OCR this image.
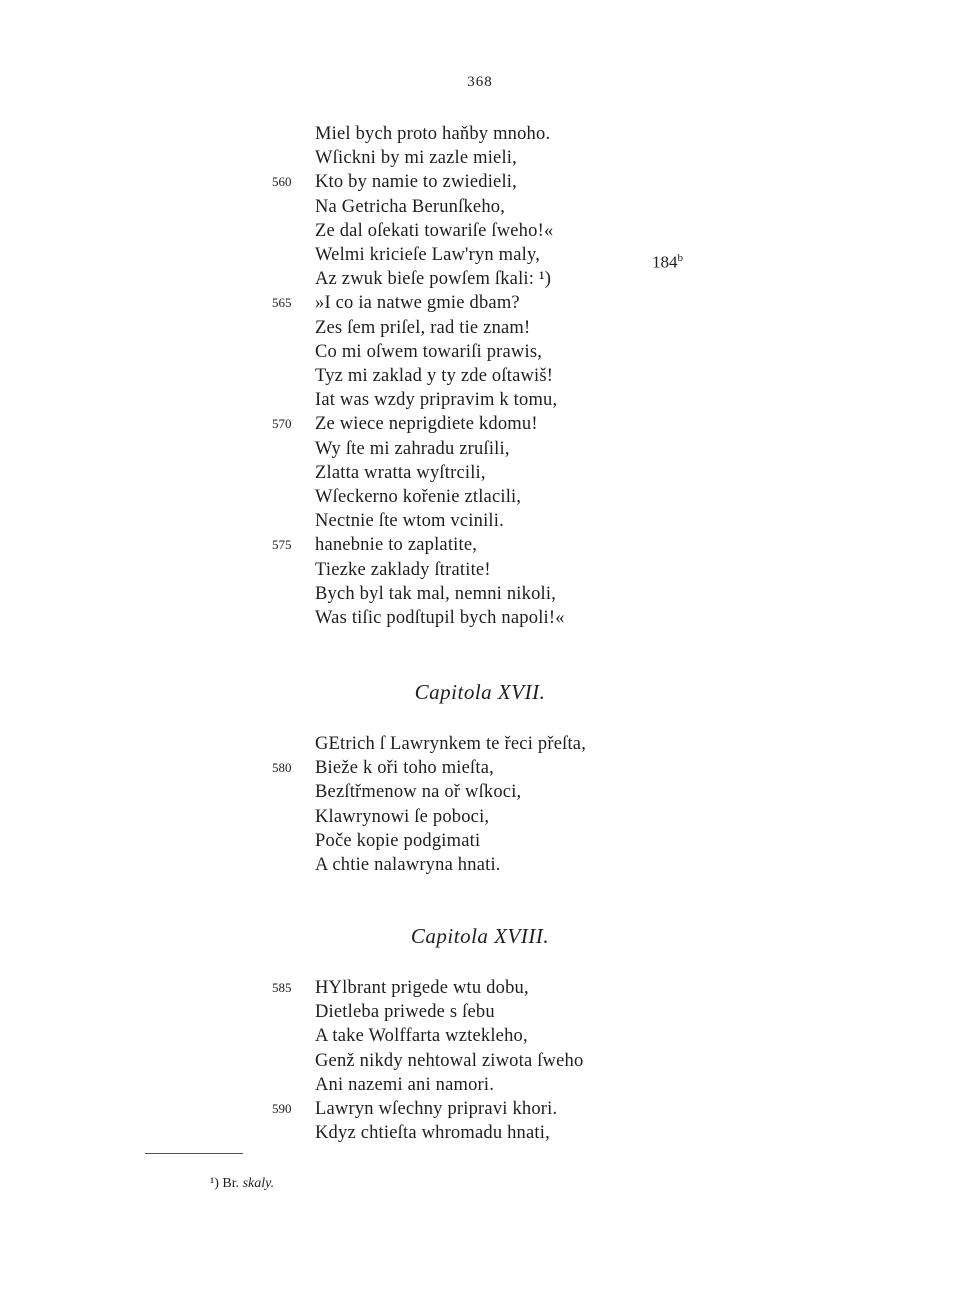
368
184$^b$
Miel bych proto haňby mnoho.
Wſickni by mi zazle mieli,
560	Kto by namie to zwiedieli,
Na Getricha Berunſkeho,
Ze dal oſekati towariſe ſweho!«
Welmi kricieſe Law'ryn maly,
Az zwuk bieſe powſem ſkali: ¹)
565	»I co ia natwe gmie dbam?
Zes ſem priſel, rad tie znam!
Co mi oſwem towariſi prawis,
Tyz mi zaklad y ty zde oſtawiš!
Iat was wzdy pripravim k tomu,
570	Ze wiece neprigdiete kdomu!
Wy ſte mi zahradu zruſili,
Zlatta wratta wyſtrcili,
Wſeckerno kořenie ztlacili,
Nectnie ſte wtom vcinili.
575	hanebnie to zaplatite,
Tiezke zaklady ſtratite!
Bych byl tak mal, nemni nikoli,
Was tiſic podſtupil bych napoli!«
Capitola XVII.
GEtrich ſ Lawrynkem te řeci přeſta,
580	Bieže k oři toho mieſta,
Bezſtřmenow na oř wſkoci,
Klawrynowi ſe poboci,
Poče kopie podgimati
A chtie nalawryna hnati.
Capitola XVIII.
585	HYlbrant prigede wtu dobu,
Dietleba priwede s ſebu
A take Wolffarta wztekleho,
Genž nikdy nehtowal ziwota ſweho
Ani nazemi ani namori.
590	Lawryn wſechny pripravi khori.
Kdyz chtieſta whromadu hnati,
¹) Br. skaly.
